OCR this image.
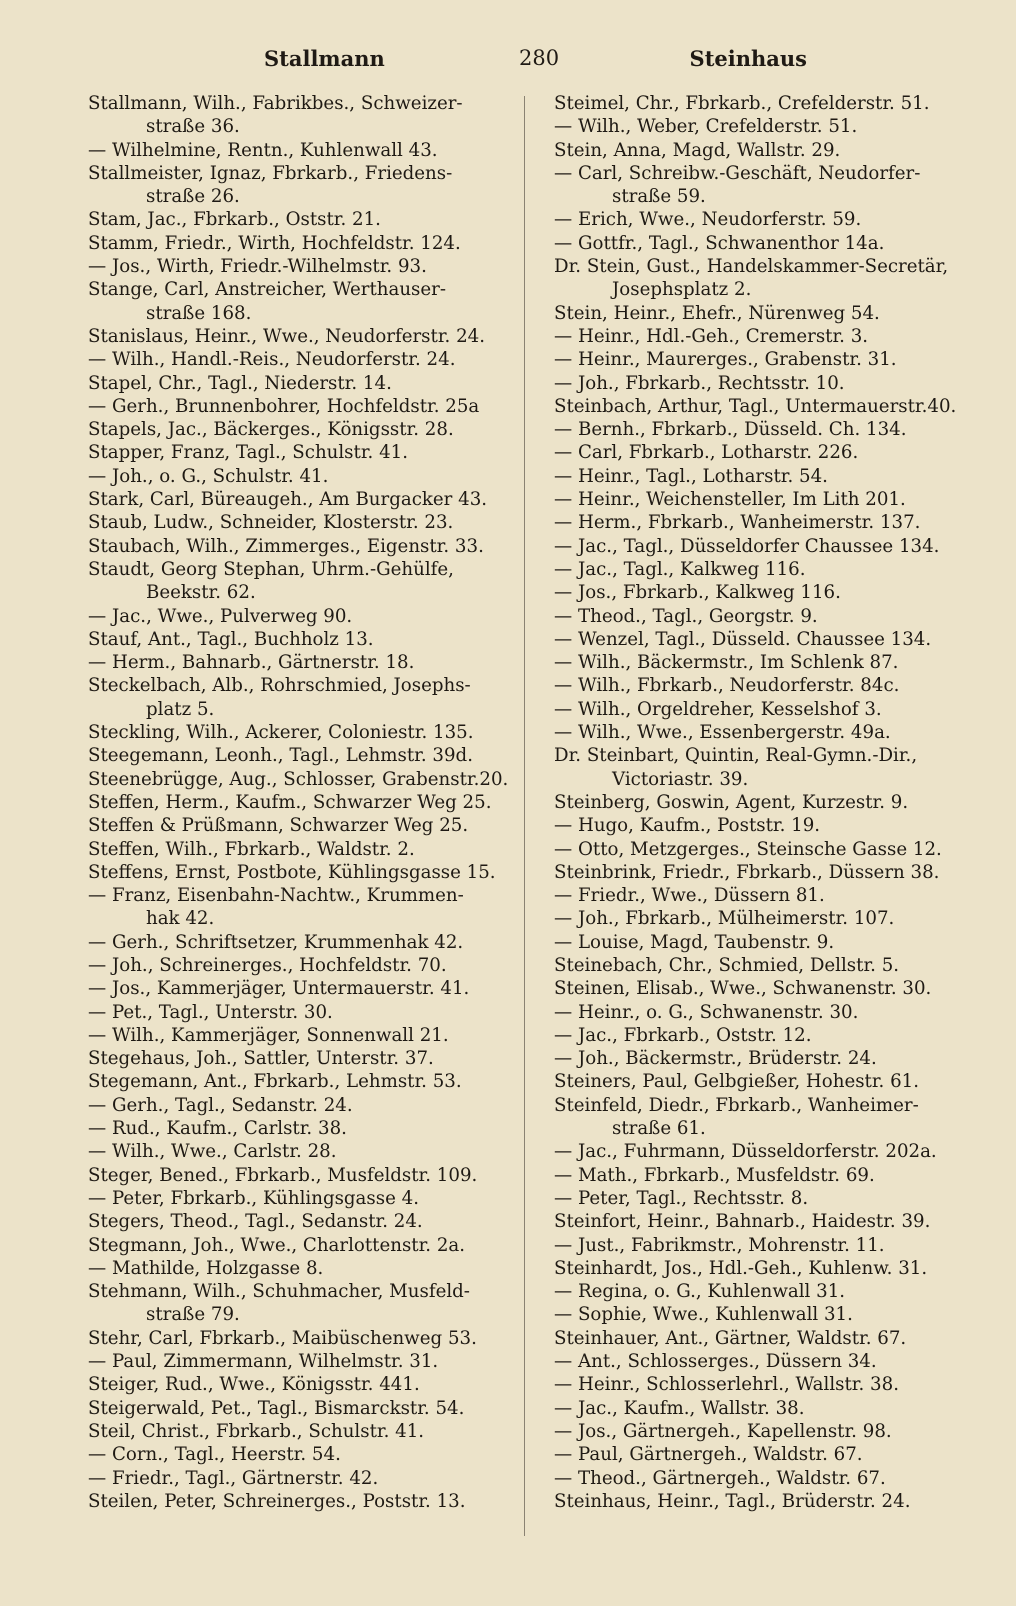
Stallmann	280	Steinhaus
Stallmann, Wilh., Fabrikbes., Schweizer-
straße 36.
— Wilhelmine, Rentn., Kuhlenwall 43.
Stallmeister, Ignaz, Fbrkarb., Friedens-
straße 26.
Stam, Jac., Fbrkarb., Oststr. 21.
Stamm, Friedr., Wirth, Hochfeldstr. 124.
— Jos., Wirth, Friedr.-Wilhelmstr. 93.
Stange, Carl, Anstreicher, Werthauser-
straße 168.
Stanislaus, Heinr., Wwe., Neudorferstr. 24.
— Wilh., Handl.-Reis., Neudorferstr. 24.
Stapel, Chr., Tagl., Niederstr. 14.
— Gerh., Brunnenbohrer, Hochfeldstr. 25a
Stapels, Jac., Bäckerges., Königsstr. 28.
Stapper, Franz, Tagl., Schulstr. 41.
— Joh., o. G., Schulstr. 41.
Stark, Carl, Büreaugeh., Am Burgacker 43.
Staub, Ludw., Schneider, Klosterstr. 23.
Staubach, Wilh., Zimmerges., Eigenstr. 33.
Staudt, Georg Stephan, Uhrm.-Gehülfe,
Beekstr. 62.
— Jac., Wwe., Pulverweg 90.
Stauf, Ant., Tagl., Buchholz 13.
— Herm., Bahnarb., Gärtnerstr. 18.
Steckelbach, Alb., Rohrschmied, Josephs-
platz 5.
Steckling, Wilh., Ackerer, Coloniestr. 135.
Steegemann, Leonh., Tagl., Lehmstr. 39d.
Steenebrügge, Aug., Schlosser, Grabenstr.20.
Steffen, Herm., Kaufm., Schwarzer Weg 25.
Steffen & Prüßmann, Schwarzer Weg 25.
Steffen, Wilh., Fbrkarb., Waldstr. 2.
Steffens, Ernst, Postbote, Kühlingsgasse 15.
— Franz, Eisenbahn-Nachtw., Krummen-
hak 42.
— Gerh., Schriftsetzer, Krummenhak 42.
— Joh., Schreinerges., Hochfeldstr. 70.
— Jos., Kammerjäger, Untermauerstr. 41.
— Pet., Tagl., Unterstr. 30.
— Wilh., Kammerjäger, Sonnenwall 21.
Stegehaus, Joh., Sattler, Unterstr. 37.
Stegemann, Ant., Fbrkarb., Lehmstr. 53.
— Gerh., Tagl., Sedanstr. 24.
— Rud., Kaufm., Carlstr. 38.
— Wilh., Wwe., Carlstr. 28.
Steger, Bened., Fbrkarb., Musfeldstr. 109.
— Peter, Fbrkarb., Kühlingsgasse 4.
Stegers, Theod., Tagl., Sedanstr. 24.
Stegmann, Joh., Wwe., Charlottenstr. 2a.
— Mathilde, Holzgasse 8.
Stehmann, Wilh., Schuhmacher, Musfeld-
straße 79.
Stehr, Carl, Fbrkarb., Maibüschenweg 53.
— Paul, Zimmermann, Wilhelmstr. 31.
Steiger, Rud., Wwe., Königsstr. 441.
Steigerwald, Pet., Tagl., Bismarckstr. 54.
Steil, Christ., Fbrkarb., Schulstr. 41.
— Corn., Tagl., Heerstr. 54.
— Friedr., Tagl., Gärtnerstr. 42.
Steilen, Peter, Schreinerges., Poststr. 13.
Steimel, Chr., Fbrkarb., Crefelderstr. 51.
— Wilh., Weber, Crefelderstr. 51.
Stein, Anna, Magd, Wallstr. 29.
— Carl, Schreibw.-Geschäft, Neudorfer-
straße 59.
— Erich, Wwe., Neudorferstr. 59.
— Gottfr., Tagl., Schwanenthor 14a.
Dr. Stein, Gust., Handelskammer-Secretär,
Josephsplatz 2.
Stein, Heinr., Ehefr., Nürenweg 54.
— Heinr., Hdl.-Geh., Cremerstr. 3.
— Heinr., Maurerges., Grabenstr. 31.
— Joh., Fbrkarb., Rechtsstr. 10.
Steinbach, Arthur, Tagl., Untermauerstr.40.
— Bernh., Fbrkarb., Düsseld. Ch. 134.
— Carl, Fbrkarb., Lotharstr. 226.
— Heinr., Tagl., Lotharstr. 54.
— Heinr., Weichensteller, Im Lith 201.
— Herm., Fbrkarb., Wanheimerstr. 137.
— Jac., Tagl., Düsseldorfer Chaussee 134.
— Jac., Tagl., Kalkweg 116.
— Jos., Fbrkarb., Kalkweg 116.
— Theod., Tagl., Georgstr. 9.
— Wenzel, Tagl., Düsseld. Chaussee 134.
— Wilh., Bäckermstr., Im Schlenk 87.
— Wilh., Fbrkarb., Neudorferstr. 84c.
— Wilh., Orgeldreher, Kesselshof 3.
— Wilh., Wwe., Essenbergerstr. 49a.
Dr. Steinbart, Quintin, Real-Gymn.-Dir.,
Victoriastr. 39.
Steinberg, Goswin, Agent, Kurzestr. 9.
— Hugo, Kaufm., Poststr. 19.
— Otto, Metzgerges., Steinsche Gasse 12.
Steinbrink, Friedr., Fbrkarb., Düssern 38.
— Friedr., Wwe., Düssern 81.
— Joh., Fbrkarb., Mülheimerstr. 107.
— Louise, Magd, Taubenstr. 9.
Steinebach, Chr., Schmied, Dellstr. 5.
Steinen, Elisab., Wwe., Schwanenstr. 30.
— Heinr., o. G., Schwanenstr. 30.
— Jac., Fbrkarb., Oststr. 12.
— Joh., Bäckermstr., Brüderstr. 24.
Steiners, Paul, Gelbgießer, Hohestr. 61.
Steinfeld, Diedr., Fbrkarb., Wanheimer-
straße 61.
— Jac., Fuhrmann, Düsseldorferstr. 202a.
— Math., Fbrkarb., Musfeldstr. 69.
— Peter, Tagl., Rechtsstr. 8.
Steinfort, Heinr., Bahnarb., Haidestr. 39.
— Just., Fabrikmstr., Mohrenstr. 11.
Steinhardt, Jos., Hdl.-Geh., Kuhlenw. 31.
— Regina, o. G., Kuhlenwall 31.
— Sophie, Wwe., Kuhlenwall 31.
Steinhauer, Ant., Gärtner, Waldstr. 67.
— Ant., Schlosserges., Düssern 34.
— Heinr., Schlosserlehrl., Wallstr. 38.
— Jac., Kaufm., Wallstr. 38.
— Jos., Gärtnergeh., Kapellenstr. 98.
— Paul, Gärtnergeh., Waldstr. 67.
— Theod., Gärtnergeh., Waldstr. 67.
Steinhaus, Heinr., Tagl., Brüderstr. 24.
